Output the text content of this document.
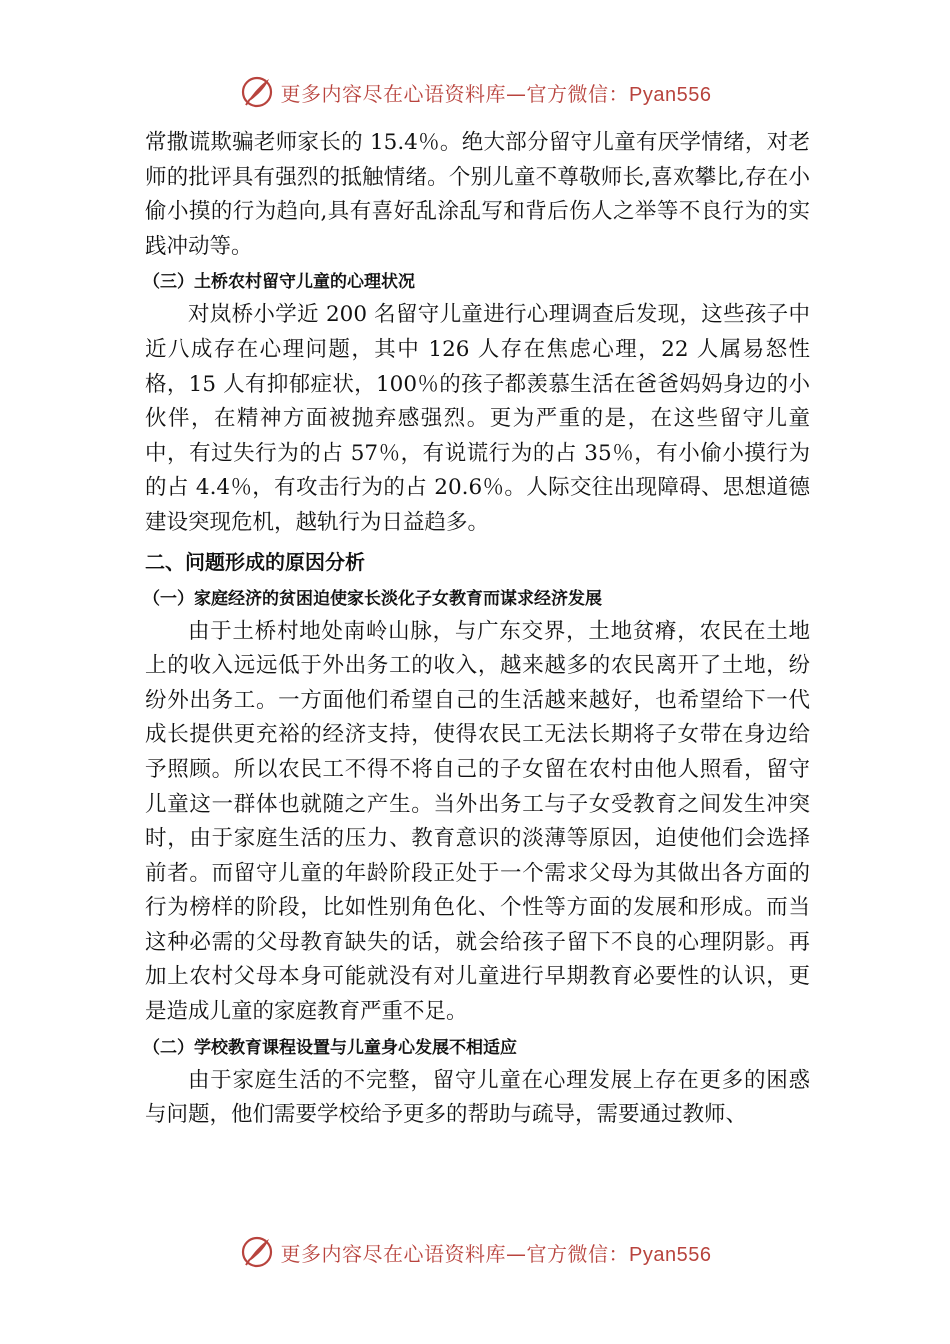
更多内容尽在心语资料库—官方微信：Pyan556

常撒谎欺骗老师家长的 15.4％。绝大部分留守儿童有厌学情绪，对老师的批评具有强烈的抵触情绪。个别儿童不尊敬师长,喜欢攀比,存在小偷小摸的行为趋向,具有喜好乱涂乱写和背后伤人之举等不良行为的实践冲动等。

（三）土桥农村留守儿童的心理状况

对岚桥小学近 200 名留守儿童进行心理调查后发现，这些孩子中近八成存在心理问题，其中 126 人存在焦虑心理，22 人属易怒性格，15 人有抑郁症状，100％的孩子都羡慕生活在爸爸妈妈身边的小伙伴，在精神方面被抛弃感强烈。更为严重的是，在这些留守儿童中，有过失行为的占 57％，有说谎行为的占 35％，有小偷小摸行为的占 4.4％，有攻击行为的占 20.6％。人际交往出现障碍、思想道德建设突现危机，越轨行为日益趋多。

二、问题形成的原因分析
（一）家庭经济的贫困迫使家长淡化子女教育而谋求经济发展

由于土桥村地处南岭山脉，与广东交界，土地贫瘠，农民在土地上的收入远远低于外出务工的收入，越来越多的农民离开了土地，纷纷外出务工。一方面他们希望自己的生活越来越好，也希望给下一代成长提供更充裕的经济支持，使得农民工无法长期将子女带在身边给予照顾。所以农民工不得不将自己的子女留在农村由他人照看，留守儿童这一群体也就随之产生。当外出务工与子女受教育之间发生冲突时，由于家庭生活的压力、教育意识的淡薄等原因，迫使他们会选择前者。而留守儿童的年龄阶段正处于一个需求父母为其做出各方面的行为榜样的阶段，比如性别角色化、个性等方面的发展和形成。而当这种必需的父母教育缺失的话，就会给孩子留下不良的心理阴影。再加上农村父母本身可能就没有对儿童进行早期教育必要性的认识，更是造成儿童的家庭教育严重不足。

（二）学校教育课程设置与儿童身心发展不相适应

由于家庭生活的不完整，留守儿童在心理发展上存在更多的困惑与问题，他们需要学校给予更多的帮助与疏导，需要通过教师、

更多内容尽在心语资料库—官方微信：Pyan556
